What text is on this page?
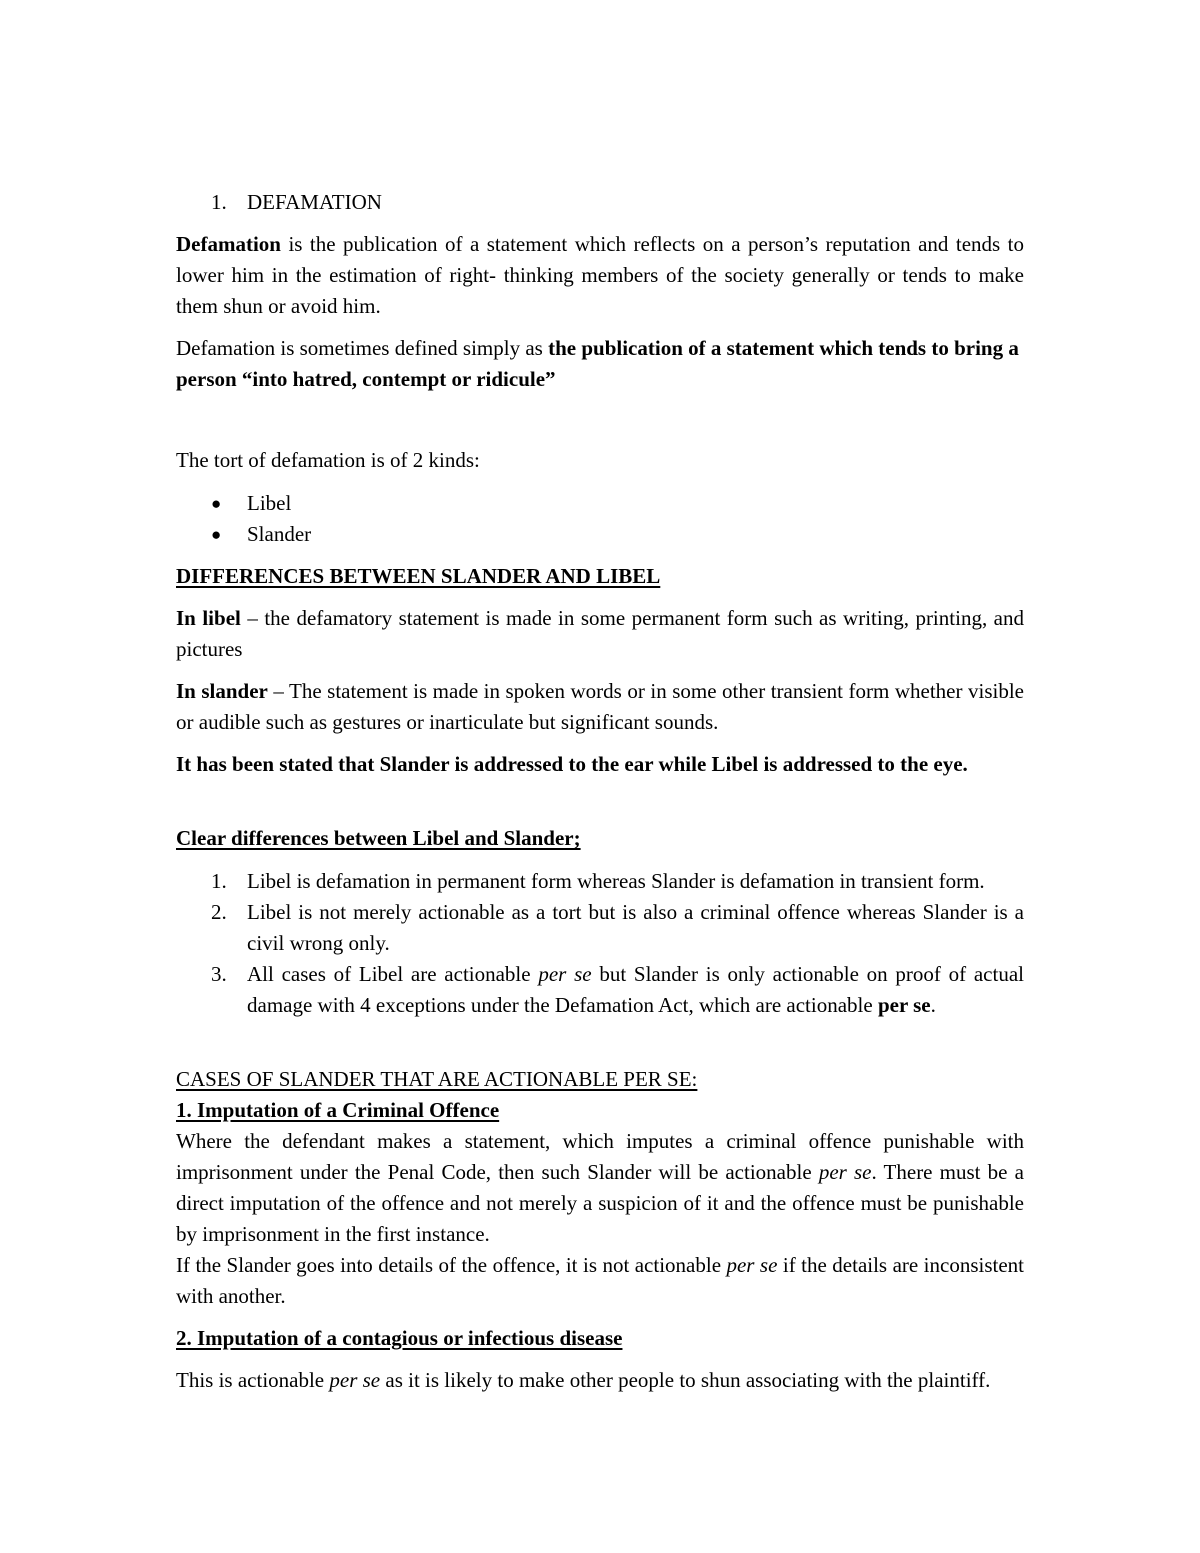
1. DEFAMATION

Defamation is the publication of a statement which reflects on a person’s reputation and tends to lower him in the estimation of right- thinking members of the society generally or tends to make them shun or avoid him.

Defamation is sometimes defined simply as the publication of a statement which tends to bring a person “into hatred, contempt or ridicule”

The tort of defamation is of 2 kinds:

●	Libel
●	Slander

DIFFERENCES BETWEEN SLANDER AND LIBEL

In libel – the defamatory statement is made in some permanent form such as writing, printing, and pictures

In slander – The statement is made in spoken words or in some other transient form whether visible or audible such as gestures or inarticulate but significant sounds.

It has been stated that Slander is addressed to the ear while Libel is addressed to the eye.

Clear differences between Libel and Slander;

1. Libel is defamation in permanent form whereas Slander is defamation in transient form.
2. Libel is not merely actionable as a tort but is also a criminal offence whereas Slander is a civil wrong only.
3. All cases of Libel are actionable per se but Slander is only actionable on proof of actual damage with 4 exceptions under the Defamation Act, which are actionable per se.

CASES OF SLANDER THAT ARE ACTIONABLE PER SE:

1. Imputation of a Criminal Offence

Where the defendant makes a statement, which imputes a criminal offence punishable with imprisonment under the Penal Code, then such Slander will be actionable per se. There must be a direct imputation of the offence and not merely a suspicion of it and the offence must be punishable by imprisonment in the first instance.

If the Slander goes into details of the offence, it is not actionable per se if the details are inconsistent with another.

2. Imputation of a contagious or infectious disease

This is actionable per se as it is likely to make other people to shun associating with the plaintiff.
